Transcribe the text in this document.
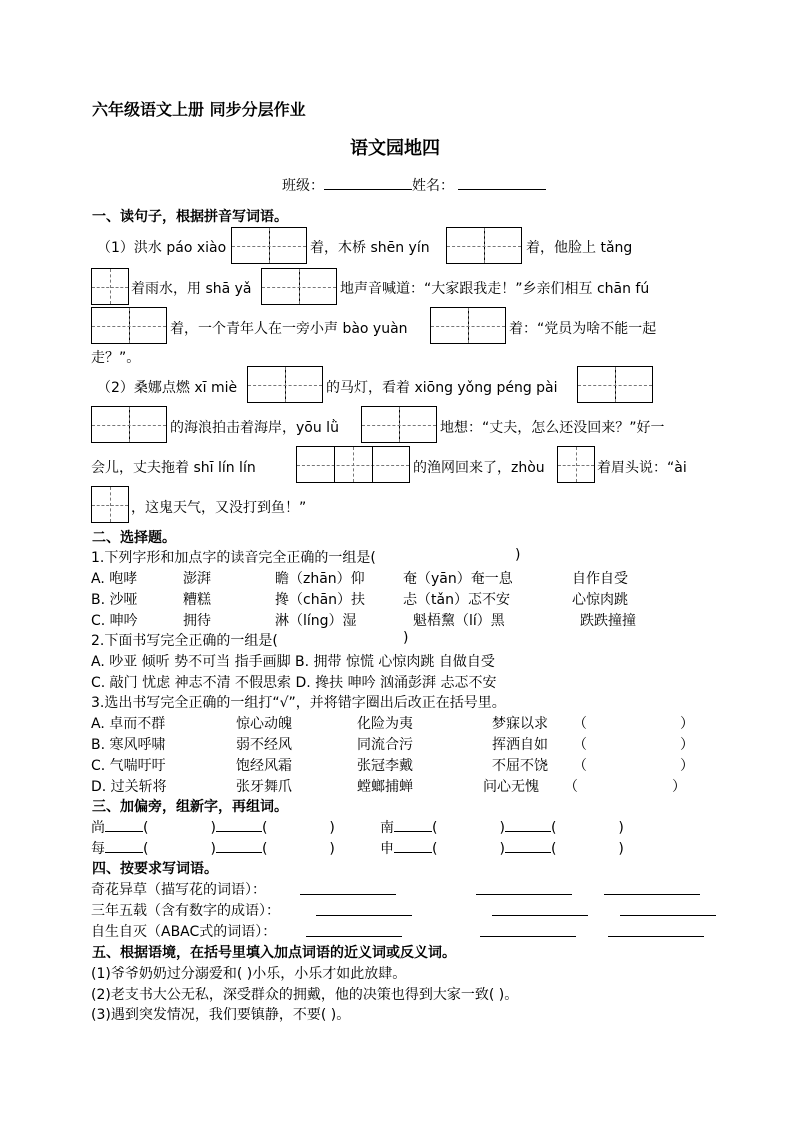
六年级语文上册 同步分层作业
语文园地四
班级：	姓名：
一、读句子，根据拼音写词语。
（1）洪水 páo xiào	着，木桥 shēn yín	着，他脸上 tǎng
着雨水，用 shā yǎ	地声音喊道：“大家跟我走！”乡亲们相互 chān fú
着，一个青年人在一旁小声 bào yuàn	着：“党员为啥不能一起
走？”。
（2）桑娜点燃 xī miè	的马灯，看着 xiōng yǒng péng pài
的海浪拍击着海岸，yōu lǜ	地想：“丈夫，怎么还没回来？”好一
会儿，丈夫拖着 shī lín lín	的渔网回来了，zhòu	着眉头说：“ài
，这鬼天气，又没打到鱼！”
二、选择题。
1.下列字形和加点字的读音完全正确的一组是(	)
A. 咆哮	澎湃	瞻（zhān）仰	奄（yān）奄一息	自作自受
B. 沙哑	糟糕	搀（chān）扶	忐（tǎn）忑不安	心惊肉跳
C. 呻吟	拥待	淋（líng）湿	魁梧黧（lí）黑	跌跌撞撞
2.下面书写完全正确的一组是(	)
A. 吵亚 倾听 势不可当 指手画脚 B. 拥带 惊慌 心惊肉跳 自做自受
C. 敲门 忧虑 神志不清 不假思索 D. 搀扶 呻吟 汹涌彭湃 忐忑不安
3.选出书写完全正确的一组打“√”，并将错字圈出后改正在括号里。
A. 卓而不群	惊心动魄	化险为夷	梦寐以求 （	）
B. 寒风呼啸	弱不经风	同流合污	挥洒自如 （	）
C. 气喘吁吁	饱经风霜	张冠李戴	不屈不饶 （	）
D. 过关斩将	张牙舞爪	螳螂捕蝉	问心无愧 （	）
三、加偏旁，组新字，再组词。
尚	(	)	(	)	南	(	)	(	)
每	(	)	(	)	申	(	)	(	)
四、按要求写词语。
奇花异草（描写花的词语）：
三年五载（含有数字的成语）：
自生自灭（ABAC式的词语）：
五、根据语境，在括号里填入加点词语的近义词或反义词。
(1)爷爷奶奶过分溺爱和( )小乐，小乐才如此放肆。
(2)老支书大公无私，深受群众的拥戴，他的决策也得到大家一致( )。
(3)遇到突发情况，我们要镇静，不要( )。
